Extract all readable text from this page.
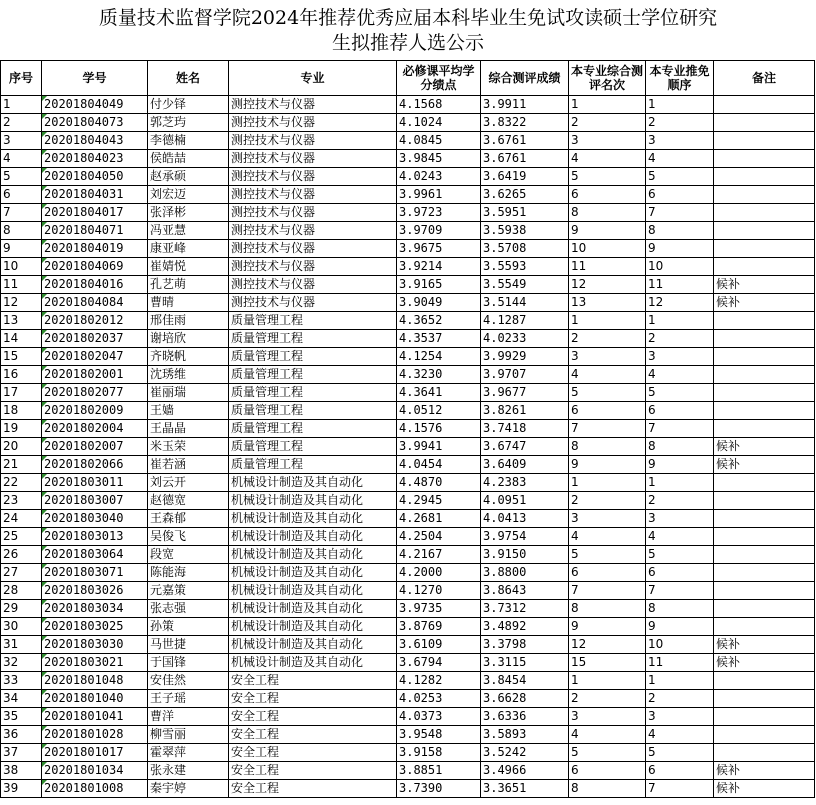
质量技术监督学院2024年推荐优秀应届本科毕业生免试攻读硕士学位研究
生拟推荐人选公示
序号	学号	姓名	专业	必修课平均学分绩点	综合测评成绩	本专业综合测评名次	本专业推免顺序	备注
1	20201804049	付少铎	测控技术与仪器	4.1568	3.9911	1	1	
2	20201804073	郭芝玙	测控技术与仪器	4.1024	3.8322	2	2	
3	20201804043	李德楠	测控技术与仪器	4.0845	3.6761	3	3	
4	20201804023	侯皓喆	测控技术与仪器	3.9845	3.6761	4	4	
5	20201804050	赵承硕	测控技术与仪器	4.0243	3.6419	5	5	
6	20201804031	刘宏迈	测控技术与仪器	3.9961	3.6265	6	6	
7	20201804017	张泽彬	测控技术与仪器	3.9723	3.5951	8	7	
8	20201804071	冯亚慧	测控技术与仪器	3.9709	3.5938	9	8	
9	20201804019	康亚峰	测控技术与仪器	3.9675	3.5708	10	9	
10	20201804069	崔婧悦	测控技术与仪器	3.9214	3.5593	11	10	
11	20201804016	孔艺萌	测控技术与仪器	3.9165	3.5549	12	11	候补
12	20201804084	曹晴	测控技术与仪器	3.9049	3.5144	13	12	候补
13	20201802012	邢佳雨	质量管理工程	4.3652	4.1287	1	1	
14	20201802037	谢培欣	质量管理工程	4.3537	4.0233	2	2	
15	20201802047	齐晓帆	质量管理工程	4.1254	3.9929	3	3	
16	20201802001	沈琇维	质量管理工程	4.3230	3.9707	4	4	
17	20201802077	崔丽瑞	质量管理工程	4.3641	3.9677	5	5	
18	20201802009	王嫱	质量管理工程	4.0512	3.8261	6	6	
19	20201802004	王晶晶	质量管理工程	4.1576	3.7418	7	7	
20	20201802007	米玉荣	质量管理工程	3.9941	3.6747	8	8	候补
21	20201802066	崔若涵	质量管理工程	4.0454	3.6409	9	9	候补
22	20201803011	刘云开	机械设计制造及其自动化	4.4870	4.2383	1	1	
23	20201803007	赵德宽	机械设计制造及其自动化	4.2945	4.0951	2	2	
24	20201803040	王森郁	机械设计制造及其自动化	4.2681	4.0413	3	3	
25	20201803013	吴俊飞	机械设计制造及其自动化	4.2504	3.9754	4	4	
26	20201803064	段宽	机械设计制造及其自动化	4.2167	3.9150	5	5	
27	20201803071	陈能海	机械设计制造及其自动化	4.2000	3.8800	6	6	
28	20201803026	元嘉策	机械设计制造及其自动化	4.1270	3.8643	7	7	
29	20201803034	张志强	机械设计制造及其自动化	3.9735	3.7312	8	8	
30	20201803025	孙策	机械设计制造及其自动化	3.8769	3.4892	9	9	
31	20201803030	马世捷	机械设计制造及其自动化	3.6109	3.3798	12	10	候补
32	20201803021	于国锋	机械设计制造及其自动化	3.6794	3.3115	15	11	候补
33	20201801048	安佳然	安全工程	4.1282	3.8454	1	1	
34	20201801040	王子瑶	安全工程	4.0253	3.6628	2	2	
35	20201801041	曹洋	安全工程	4.0373	3.6336	3	3	
36	20201801028	柳雪丽	安全工程	3.9548	3.5893	4	4	
37	20201801017	霍翠萍	安全工程	3.9158	3.5242	5	5	
38	20201801034	张永建	安全工程	3.8851	3.4966	6	6	候补
39	20201801008	秦宇婷	安全工程	3.7390	3.3651	8	7	候补
